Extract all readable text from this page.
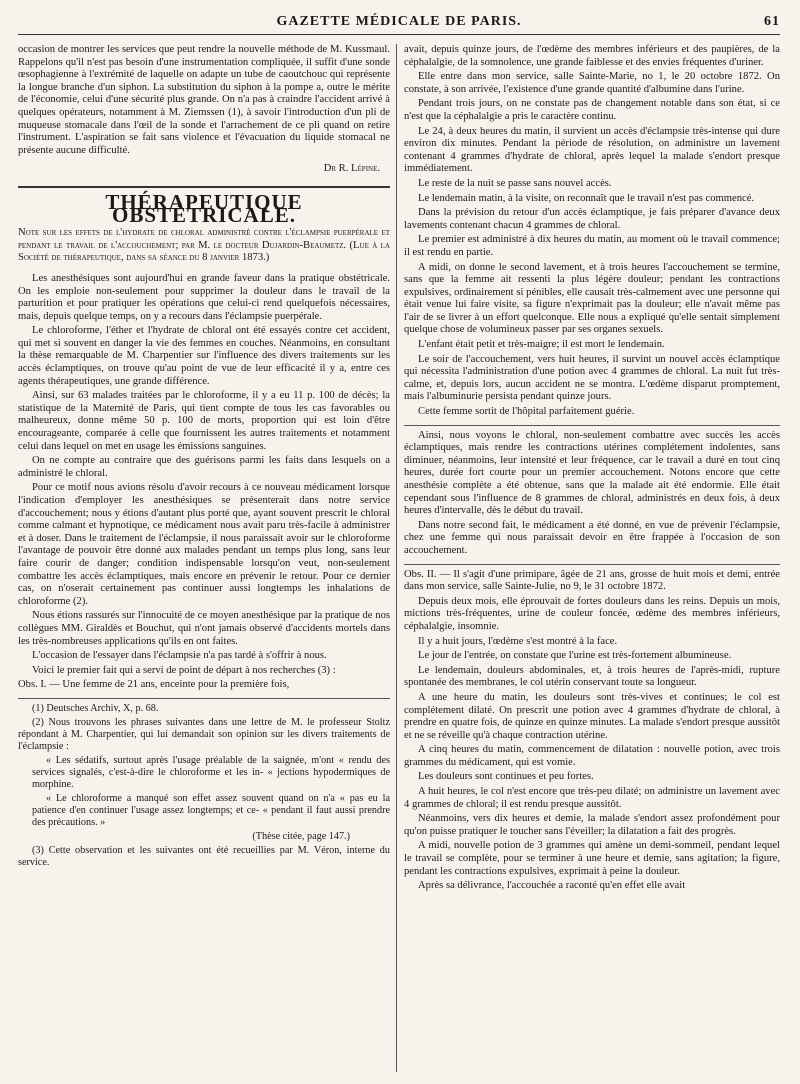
GAZETTE MÉDICALE DE PARIS.	61

occasion de montrer les services que peut rendre la nouvelle méthode de M. Kussmaul. Rappelons qu'il n'est pas besoin d'une instrumentation compliquée, il suffit d'une sonde œsophagienne à l'extrémité de laquelle on adapte un tube de caoutchouc qui représente la longue branche d'un siphon. La substitution du siphon à la pompe a, outre le mérite de l'économie, celui d'une sécurité plus grande. On n'a pas à craindre l'accident arrivé à quelques opérateurs, notamment à M. Ziemssen (1), à savoir l'introduction d'un pli de muqueuse stomacale dans l'œil de la sonde et l'arrachement de ce pli quand on retire l'instrument. L'aspiration se fait sans violence et l'évacuation du liquide stomacal ne présente aucune difficulté.

Dr R. Lépine.
THÉRAPEUTIQUE OBSTÉTRICALE.

Note sur les effets de l'hydrate de chloral administré contre l'éclampsie puerpérale et pendant le travail de l'accouchement; par M. le docteur Dujardin-Beaumetz. (Lue à la Société de thérapeutique, dans sa séance du 8 janvier 1873.)

Les anesthésiques sont aujourd'hui en grande faveur dans la pratique obstétricale. On les emploie non-seulement pour supprimer la douleur dans le travail de la parturition et pour pratiquer les opérations que celui-ci rend quelquefois nécessaires, mais, depuis quelque temps, on y a recours dans l'éclampsie puerpérale.

Le chloroforme, l'éther et l'hydrate de chloral ont été essayés contre cet accident, qui met si souvent en danger la vie des femmes en couches. Néanmoins, en consultant la thèse remarquable de M. Charpentier sur l'influence des divers traitements sur les accès éclamptiques, on trouve qu'au point de vue de leur efficacité il y a, entre ces agents thérapeutiques, une grande différence.

Ainsi, sur 63 malades traitées par le chloroforme, il y a eu 11 p. 100 de décès; la statistique de la Maternité de Paris, qui tient compte de tous les cas favorables ou malheureux, donne même 50 p. 100 de morts, proportion qui est loin d'être encourageante, comparée à celle que fournissent les autres traitements et notamment celui dans lequel on met en usage les émissions sanguines.

On ne compte au contraire que des guérisons parmi les faits dans lesquels on a administré le chloral.

Pour ce motif nous avions résolu d'avoir recours à ce nouveau médicament lorsque l'indication d'employer les anesthésiques se présenterait dans notre service d'accouchement; nous y étions d'autant plus porté que, ayant souvent prescrit le chloral comme calmant et hypnotique, ce médicament nous avait paru très-facile à administrer et à doser. Dans le traitement de l'éclampsie, il nous paraissait avoir sur le chloroforme l'avantage de pouvoir être donné aux malades pendant un temps plus long, sans leur faire courir de danger; condition indispensable lorsqu'on veut, non-seulement combattre les accès éclamptiques, mais encore en prévenir le retour. Pour ce dernier cas, on n'oserait certainement pas continuer aussi longtemps les inhalations de chloroforme (2).

Nous étions rassurés sur l'innocuité de ce moyen anesthésique par la pratique de nos collègues MM. Giraldès et Bouchut, qui n'ont jamais observé d'accidents mortels dans les très-nombreuses applications qu'ils en ont faites.

L'occasion de l'essayer dans l'éclampsie n'a pas tardé à s'offrir à nous.

Voici le premier fait qui a servi de point de départ à nos recherches (3) :

Obs. I. — Une femme de 21 ans, enceinte pour la première fois,

(1) Deutsches Archiv, X, p. 68.

(2) Nous trouvons les phrases suivantes dans une lettre de M. le professeur Stoltz répondant à M. Charpentier, qui lui demandait son opinion sur les divers traitements de l'éclampsie :

« Les sédatifs, surtout après l'usage préalable de la saignée, m'ont « rendu des services signalés, c'est-à-dire le chloroforme et les in- « jections hypodermiques de morphine.

« Le chloroforme a manqué son effet assez souvent quand on n'a « pas eu la patience d'en continuer l'usage assez longtemps; et ce- « pendant il faut aussi prendre des précautions. »

(Thèse citée, page 147.)

(3) Cette observation et les suivantes ont été recueillies par M. Véron, interne du service.

avait, depuis quinze jours, de l'œdème des membres inférieurs et des paupières, de la céphalalgie, de la somnolence, une grande faiblesse et des envies fréquentes d'uriner.

Elle entre dans mon service, salle Sainte-Marie, no 1, le 20 octobre 1872. On constate, à son arrivée, l'existence d'une grande quantité d'albumine dans l'urine.

Pendant trois jours, on ne constate pas de changement notable dans son état, si ce n'est que la céphalalgie a pris le caractère continu.

Le 24, à deux heures du matin, il survient un accès d'éclampsie très-intense qui dure environ dix minutes. Pendant la période de résolution, on administre un lavement contenant 4 grammes d'hydrate de chloral, après lequel la malade s'endort presque immédiatement.

Le reste de la nuit se passe sans nouvel accès.

Le lendemain matin, à la visite, on reconnaît que le travail n'est pas commencé.

Dans la prévision du retour d'un accès éclamptique, je fais préparer d'avance deux lavements contenant chacun 4 grammes de chloral.

Le premier est administré à dix heures du matin, au moment où le travail commence; il est rendu en partie.

A midi, on donne le second lavement, et à trois heures l'accouchement se termine, sans que la femme ait ressenti la plus légère douleur; pendant les contractions expulsives, ordinairement si pénibles, elle causait très-calmement avec une personne qui était venue lui faire visite, sa figure n'exprimait pas la douleur; elle n'avait même pas l'air de se livrer à un effort quelconque. Elle nous a expliqué qu'elle sentait simplement quelque chose de volumineux passer par ses organes sexuels.

L'enfant était petit et très-maigre; il est mort le lendemain.

Le soir de l'accouchement, vers huit heures, il survint un nouvel accès éclamptique qui nécessita l'administration d'une potion avec 4 grammes de chloral. La nuit fut très-calme, et, depuis lors, aucun accident ne se montra. L'œdème disparut promptement, mais l'albuminurie persista pendant quinze jours.

Cette femme sortit de l'hôpital parfaitement guérie.

Ainsi, nous voyons le chloral, non-seulement combattre avec succès les accès éclamptiques, mais rendre les contractions utérines complétement indolentes, sans diminuer, néanmoins, leur intensité et leur fréquence, car le travail a duré en tout cinq heures, durée fort courte pour un premier accouchement. Notons encore que cette anesthésie complète a été obtenue, sans que la malade ait été endormie. Elle était cependant sous l'influence de 8 grammes de chloral, administrés en deux fois, à deux heures d'intervalle, dès le début du travail.

Dans notre second fait, le médicament a été donné, en vue de prévenir l'éclampsie, chez une femme qui nous paraissait devoir en être frappée à l'occasion de son accouchement.

Obs. II. — Il s'agit d'une primipare, âgée de 21 ans, grosse de huit mois et demi, entrée dans mon service, salle Sainte-Julie, no 9, le 31 octobre 1872.

Depuis deux mois, elle éprouvait de fortes douleurs dans les reins. Depuis un mois, mictions très-fréquentes, urine de couleur foncée, œdème des membres inférieurs, céphalalgie, insomnie.

Il y a huit jours, l'œdème s'est montré à la face.

Le jour de l'entrée, on constate que l'urine est très-fortement albumineuse.

Le lendemain, douleurs abdominales, et, à trois heures de l'après-midi, rupture spontanée des membranes, le col utérin conservant toute sa longueur.

A une heure du matin, les douleurs sont très-vives et continues; le col est complétement dilaté. On prescrit une potion avec 4 grammes d'hydrate de chloral, à prendre en quatre fois, de quinze en quinze minutes. La malade s'endort presque aussitôt et ne se réveille qu'à chaque contraction utérine.

A cinq heures du matin, commencement de dilatation : nouvelle potion, avec trois grammes du médicament, qui est vomie.

Les douleurs sont continues et peu fortes.

A huit heures, le col n'est encore que très-peu dilaté; on administre un lavement avec 4 grammes de chloral; il est rendu presque aussitôt.

Néanmoins, vers dix heures et demie, la malade s'endort assez profondément pour qu'on puisse pratiquer le toucher sans l'éveiller; la dilatation a fait des progrès.

A midi, nouvelle potion de 3 grammes qui amène un demi-sommeil, pendant lequel le travail se complète, pour se terminer à une heure et demie, sans agitation; la figure, pendant les contractions expulsives, exprimait à peine la douleur.

Après sa délivrance, l'accouchée a raconté qu'en effet elle avait
